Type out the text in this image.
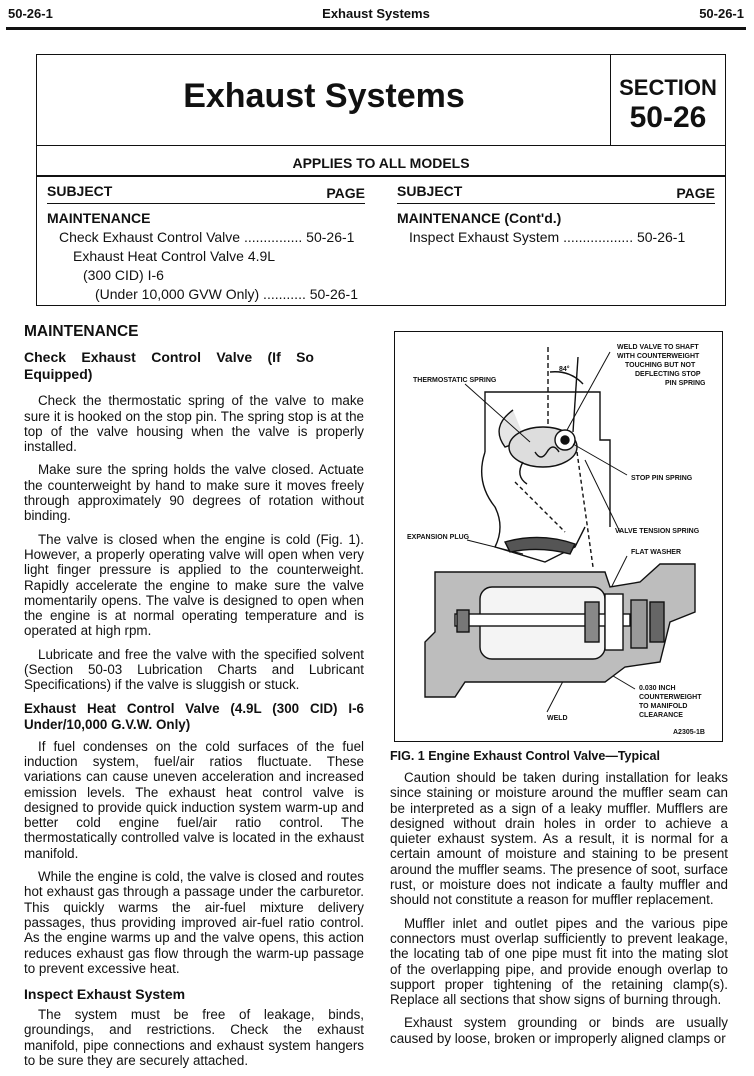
50-26-1	Exhaust Systems	50-26-1
Exhaust Systems	SECTION
50-26
APPLIES TO ALL MODELS
SUBJECT	PAGE
MAINTENANCE
Check Exhaust Control Valve ............... 50-26-1
Exhaust Heat Control Valve 4.9L
(300 CID) I-6
(Under 10,000 GVW Only) ........... 50-26-1
SUBJECT	PAGE
MAINTENANCE (Cont'd.)
Inspect Exhaust System .................. 50-26-1
MAINTENANCE
Check Exhaust Control Valve (If So Equipped)

Check the thermostatic spring of the valve to make sure it is hooked on the stop pin. The spring stop is at the top of the valve housing when the valve is properly installed.

Make sure the spring holds the valve closed. Actuate the counterweight by hand to make sure it moves freely through approximately 90 degrees of rotation without binding.

The valve is closed when the engine is cold (Fig. 1). However, a properly operating valve will open when very light finger pressure is applied to the counterweight. Rapidly accelerate the engine to make sure the valve momentarily opens. The valve is designed to open when the engine is at normal operating temperature and is operated at high rpm.

Lubricate and free the valve with the specified solvent (Section 50-03 Lubrication Charts and Lubricant Specifications) if the valve is sluggish or stuck.

Exhaust Heat Control Valve (4.9L (300 CID) I-6 Under/10,000 G.V.W. Only)

If fuel condenses on the cold surfaces of the fuel induction system, fuel/air ratios fluctuate. These variations can cause uneven acceleration and increased emission levels. The exhaust heat control valve is designed to provide quick induction system warm-up and better cold engine fuel/air ratio control. The thermostatically controlled valve is located in the exhaust manifold.

While the engine is cold, the valve is closed and routes hot exhaust gas through a passage under the carburetor. This quickly warms the air-fuel mixture delivery passages, thus providing improved air-fuel ratio control. As the engine warms up and the valve opens, this action reduces exhaust gas flow through the warm-up passage to prevent excessive heat.

Inspect Exhaust System

The system must be free of leakage, binds, groundings, and restrictions. Check the exhaust manifold, pipe connections and exhaust system hangers to be sure they are securely attached.

WELD VALVE TO SHAFT
WITH COUNTERWEIGHT
TOUCHING BUT NOT
DEFLECTING STOP
PIN SPRING
84°
THERMOSTATIC SPRING
STOP PIN SPRING
VALVE TENSION SPRING
EXPANSION PLUG
FLAT WASHER
0.030 INCH
COUNTERWEIGHT
TO MANIFOLD
CLEARANCE
WELD
A2305-1B
FIG. 1 Engine Exhaust Control Valve—Typical

Caution should be taken during installation for leaks since staining or moisture around the muffler seam can be interpreted as a sign of a leaky muffler. Mufflers are designed without drain holes in order to achieve a quieter exhaust system. As a result, it is normal for a certain amount of moisture and staining to be present around the muffler seams. The presence of soot, surface rust, or moisture does not indicate a faulty muffler and should not constitute a reason for muffler replacement.

Muffler inlet and outlet pipes and the various pipe connectors must overlap sufficiently to prevent leakage, the locating tab of one pipe must fit into the mating slot of the overlapping pipe, and provide enough overlap to support proper tightening of the retaining clamp(s). Replace all sections that show signs of burning through.

Exhaust system grounding or binds are usually caused by loose, broken or improperly aligned clamps or
